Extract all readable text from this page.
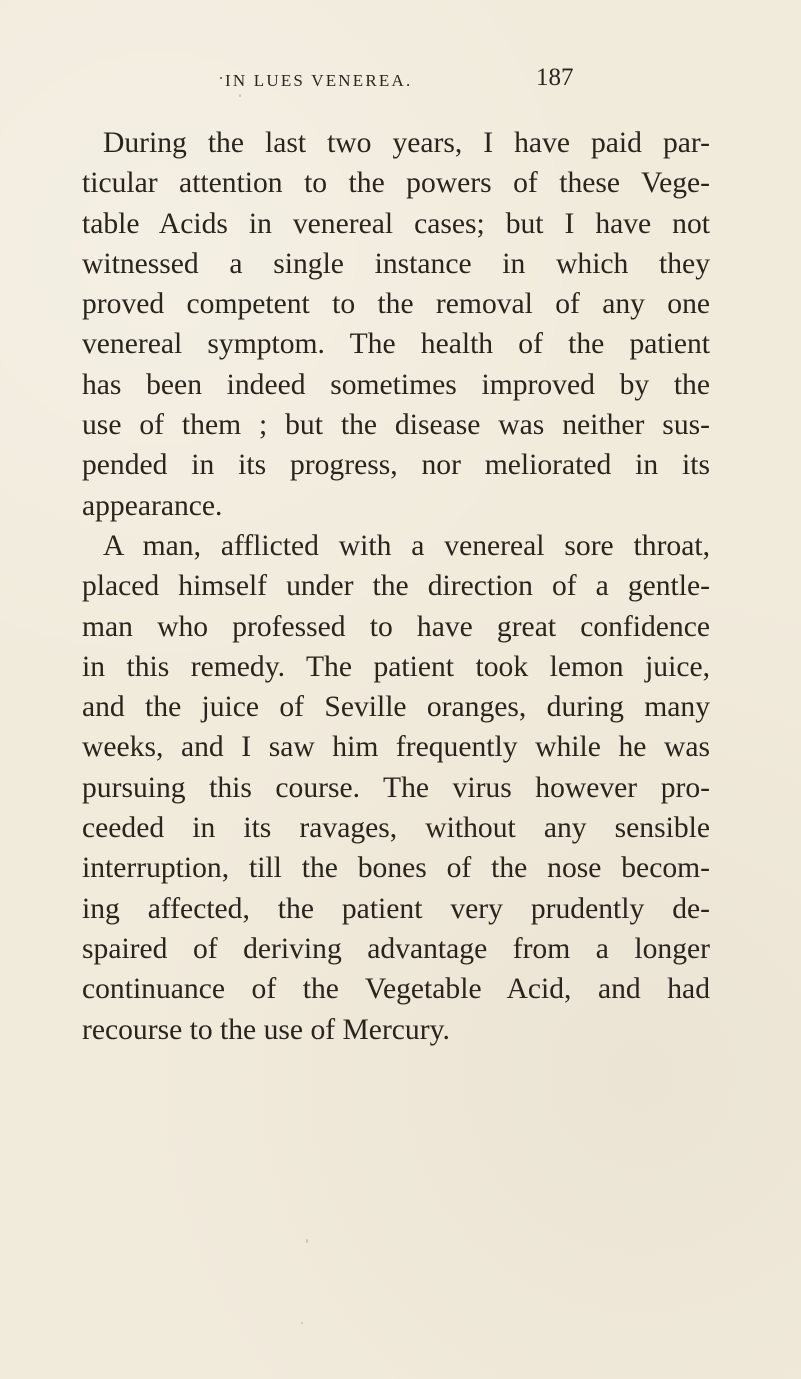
IN LUES VENEREA.	187
During the last two years, I have paid par-
ticular attention to the powers of these Vege-
table Acids in venereal cases; but I have not
witnessed a single instance in which they
proved competent to the removal of any one
venereal symptom. The health of the patient
has been indeed sometimes improved by the
use of them ; but the disease was neither sus-
pended in its progress, nor meliorated in its
appearance.
A man, afflicted with a venereal sore throat,
placed himself under the direction of a gentle-
man who professed to have great confidence
in this remedy. The patient took lemon juice,
and the juice of Seville oranges, during many
weeks, and I saw him frequently while he was
pursuing this course. The virus however pro-
ceeded in its ravages, without any sensible
interruption, till the bones of the nose becom-
ing affected, the patient very prudently de-
spaired of deriving advantage from a longer
continuance of the Vegetable Acid, and had
recourse to the use of Mercury.
